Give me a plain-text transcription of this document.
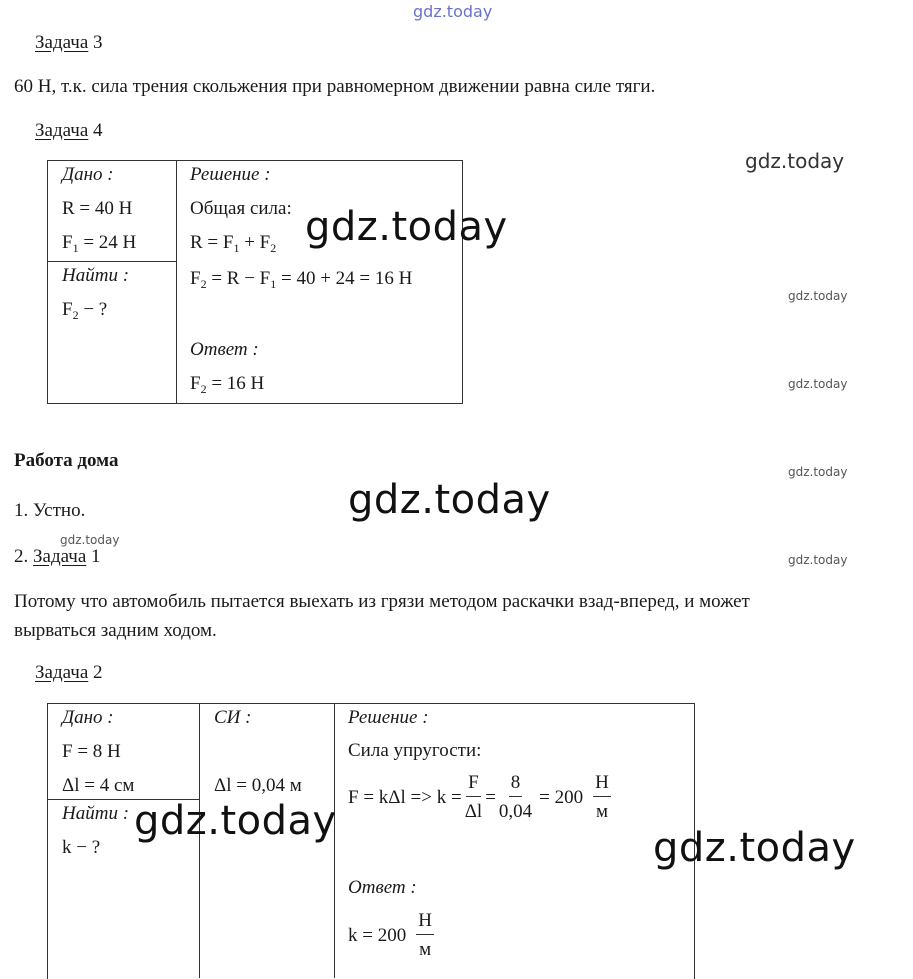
gdz.today
gdz.today
gdz.today
gdz.today
gdz.today
gdz.today
gdz.today
Задача 3
60 Н, т.к. сила трения скольжения при равномерном движении равна силе тяги.
Задача 4
Дано :
R = 40 Н
$F_1 = 24$ Н
Найти :
$F_2$ − ?
Решение :
Общая сила:
$R = F_1 + F_2$
$F_2 = R - F_1 = 40 + 24 = 16$ Н
Ответ :
$F_2 = 16$ Н
Работа дома
1. Устно.
2. Задача 1
Потому что автомобиль пытается выехать из грязи методом раскачки взад-вперед, и может
вырваться задним ходом.
Задача 2
Дано :
F = 8 Н
Δl = 4 см
Найти :
k − ?
СИ :
Δl = 0,04 м
Решение :
Сила упругости:
$F = k\Delta l => k = \frac{F}{\Delta l} = \frac{8}{0,04} = 200 \frac{Н}{м}$
Ответ :
$k = 200 \frac{Н}{м}$
gdz.today
gdz.today
gdz.today
gdz.today
